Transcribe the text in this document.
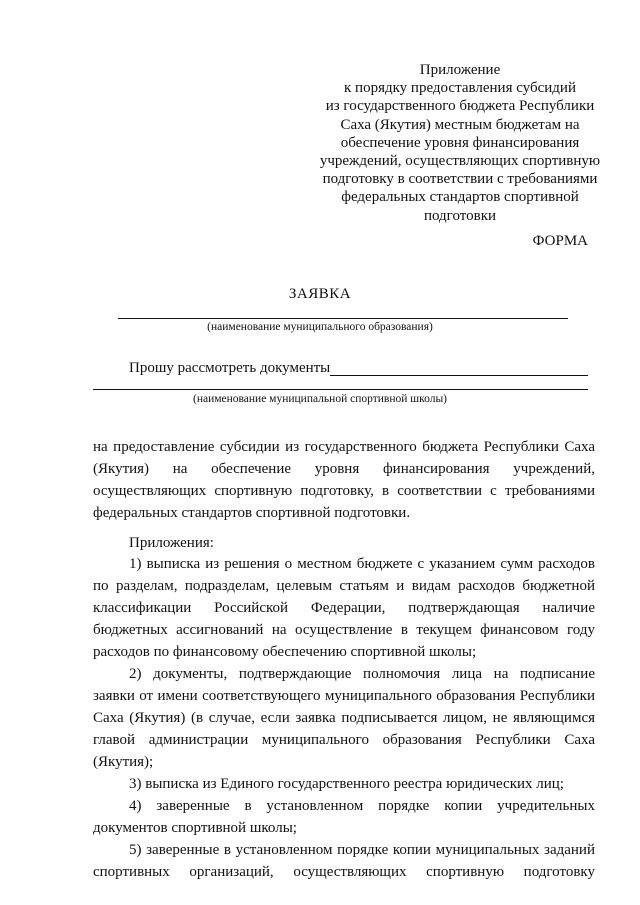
Приложение
к порядку предоставления субсидий
из государственного бюджета Республики
Саха (Якутия) местным бюджетам на
обеспечение уровня финансирования
учреждений, осуществляющих спортивную
подготовку в соответствии с требованиями
федеральных стандартов спортивной
подготовки
ФОРМА
ЗАЯВКА
(наименование муниципального образования)
Прошу рассмотреть документы
(наименование муниципальной спортивной школы)
на предоставление субсидии из государственного бюджета Республики Саха
(Якутия) на обеспечение уровня финансирования учреждений,
осуществляющих спортивную подготовку, в соответствии с требованиями
федеральных стандартов спортивной подготовки.
Приложения:
1) выписка из решения о местном бюджете с указанием сумм расходов
по разделам, подразделам, целевым статьям и видам расходов бюджетной
классификации Российской Федерации, подтверждающая наличие
бюджетных ассигнований на осуществление в текущем финансовом году
расходов по финансовому обеспечению спортивной школы;
2) документы, подтверждающие полномочия лица на подписание
заявки от имени соответствующего муниципального образования Республики
Саха (Якутия) (в случае, если заявка подписывается лицом, не являющимся
главой администрации муниципального образования Республики Саха
(Якутия);
3) выписка из Единого государственного реестра юридических лиц;
4) заверенные в установленном порядке копии учредительных
документов спортивной школы;
5) заверенные в установленном порядке копии муниципальных заданий
спортивных организаций, осуществляющих спортивную подготовку
